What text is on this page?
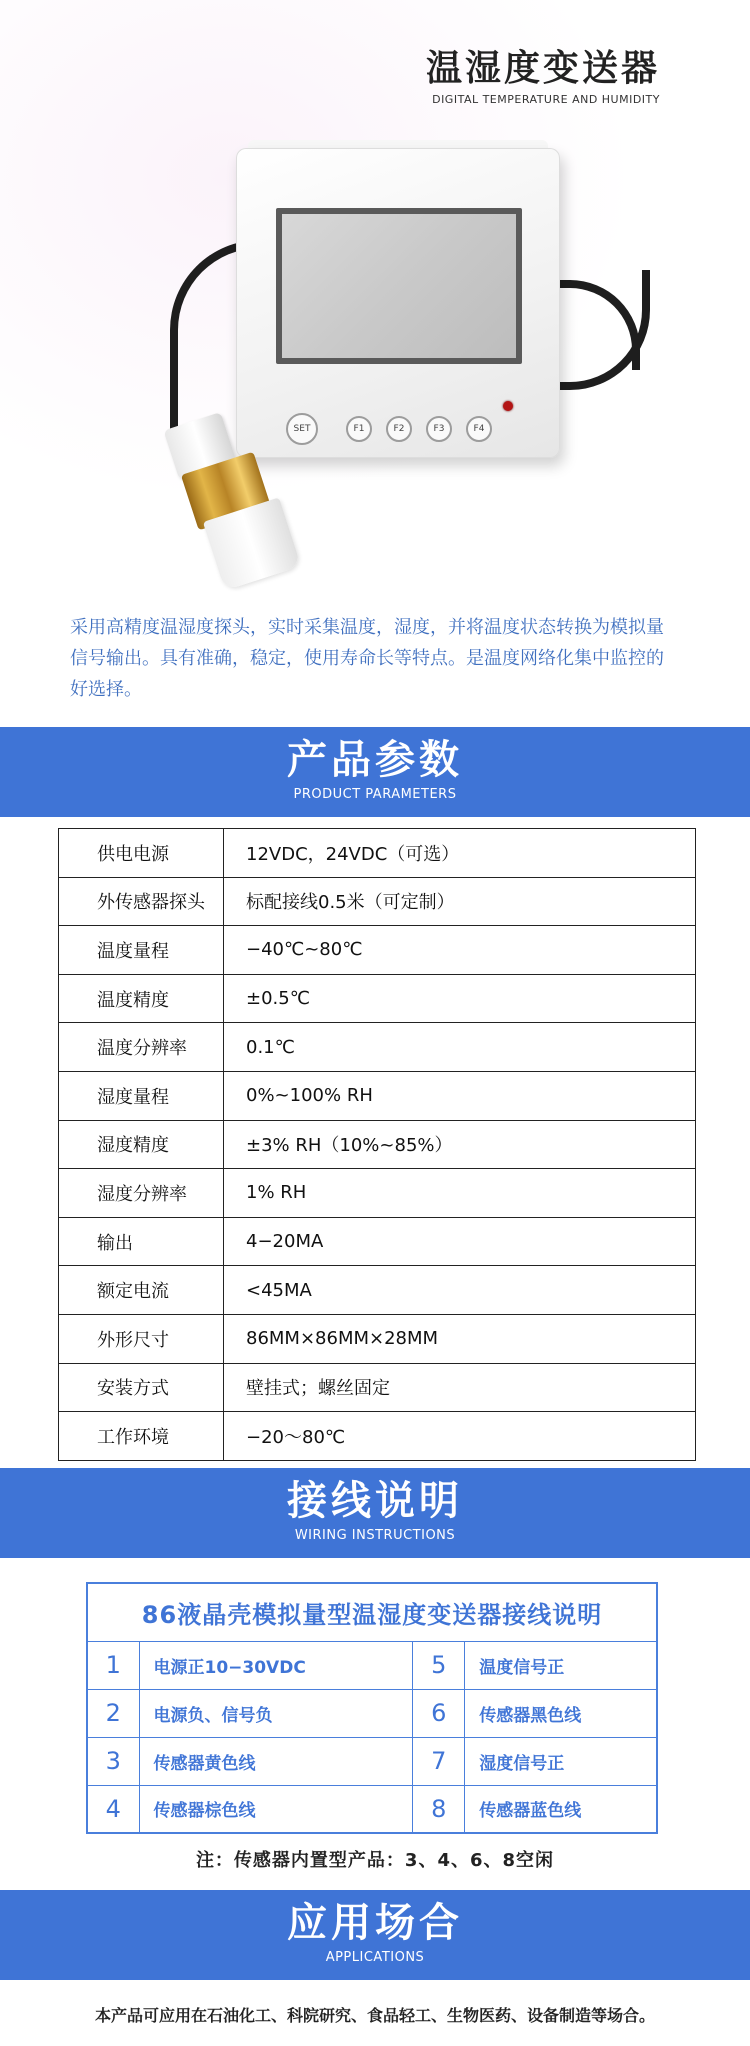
温湿度变送器
DIGITAL TEMPERATURE AND HUMIDITY
SET	F1	F2	F3	F4

采用高精度温湿度探头，实时采集温度，湿度，并将温度状态转换为模拟量信号输出。具有准确，稳定，使用寿命长等特点。是温度网络化集中监控的好选择。

产品参数
PRODUCT PARAMETERS
供电电源	12VDC，24VDC（可选）
外传感器探头	标配接线0.5米（可定制）
温度量程	−40℃~80℃
温度精度	±0.5℃
温度分辨率	0.1℃
湿度量程	0%~100% RH
湿度精度	±3% RH（10%~85%）
湿度分辨率	1% RH
输出	4−20MA
额定电流	<45MA
外形尺寸	86MM×86MM×28MM
安装方式	壁挂式；螺丝固定
工作环境	−20～80℃
接线说明
WIRING INSTRUCTIONS
86液晶壳模拟量型温湿度变送器接线说明			
1	电源正10−30VDC	5	温度信号正
2	电源负、信号负	6	传感器黑色线
3	传感器黄色线	7	湿度信号正
4	传感器棕色线	8	传感器蓝色线
注：传感器内置型产品：3、4、6、8空闲
应用场合
APPLICATIONS
本产品可应用在石油化工、科院研究、食品轻工、生物医药、设备制造等场合。
